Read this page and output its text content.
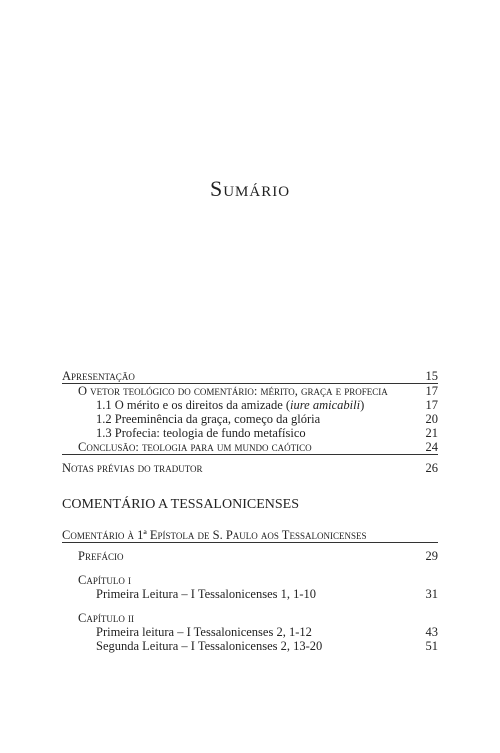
Sumário
Apresentação	15
O vetor teológico do comentário: mérito, graça e profecia	17
1.1 O mérito e os direitos da amizade (iure amicabili)	17
1.2 Preeminência da graça, começo da glória	20
1.3 Profecia: teologia de fundo metafísico	21
Conclusão: teologia para um mundo caótico	24
Notas prévias do tradutor	26
COMENTÁRIO A TESSALONICENSES
Comentário à 1ª Epístola de S. Paulo aos Tessalonicenses
Prefácio	29
Capítulo i
Primeira Leitura – I Tessalonicenses 1, 1-10	31
Capítulo ii
Primeira leitura – I Tessalonicenses 2, 1-12	43
Segunda Leitura – I Tessalonicenses 2, 13-20	51
